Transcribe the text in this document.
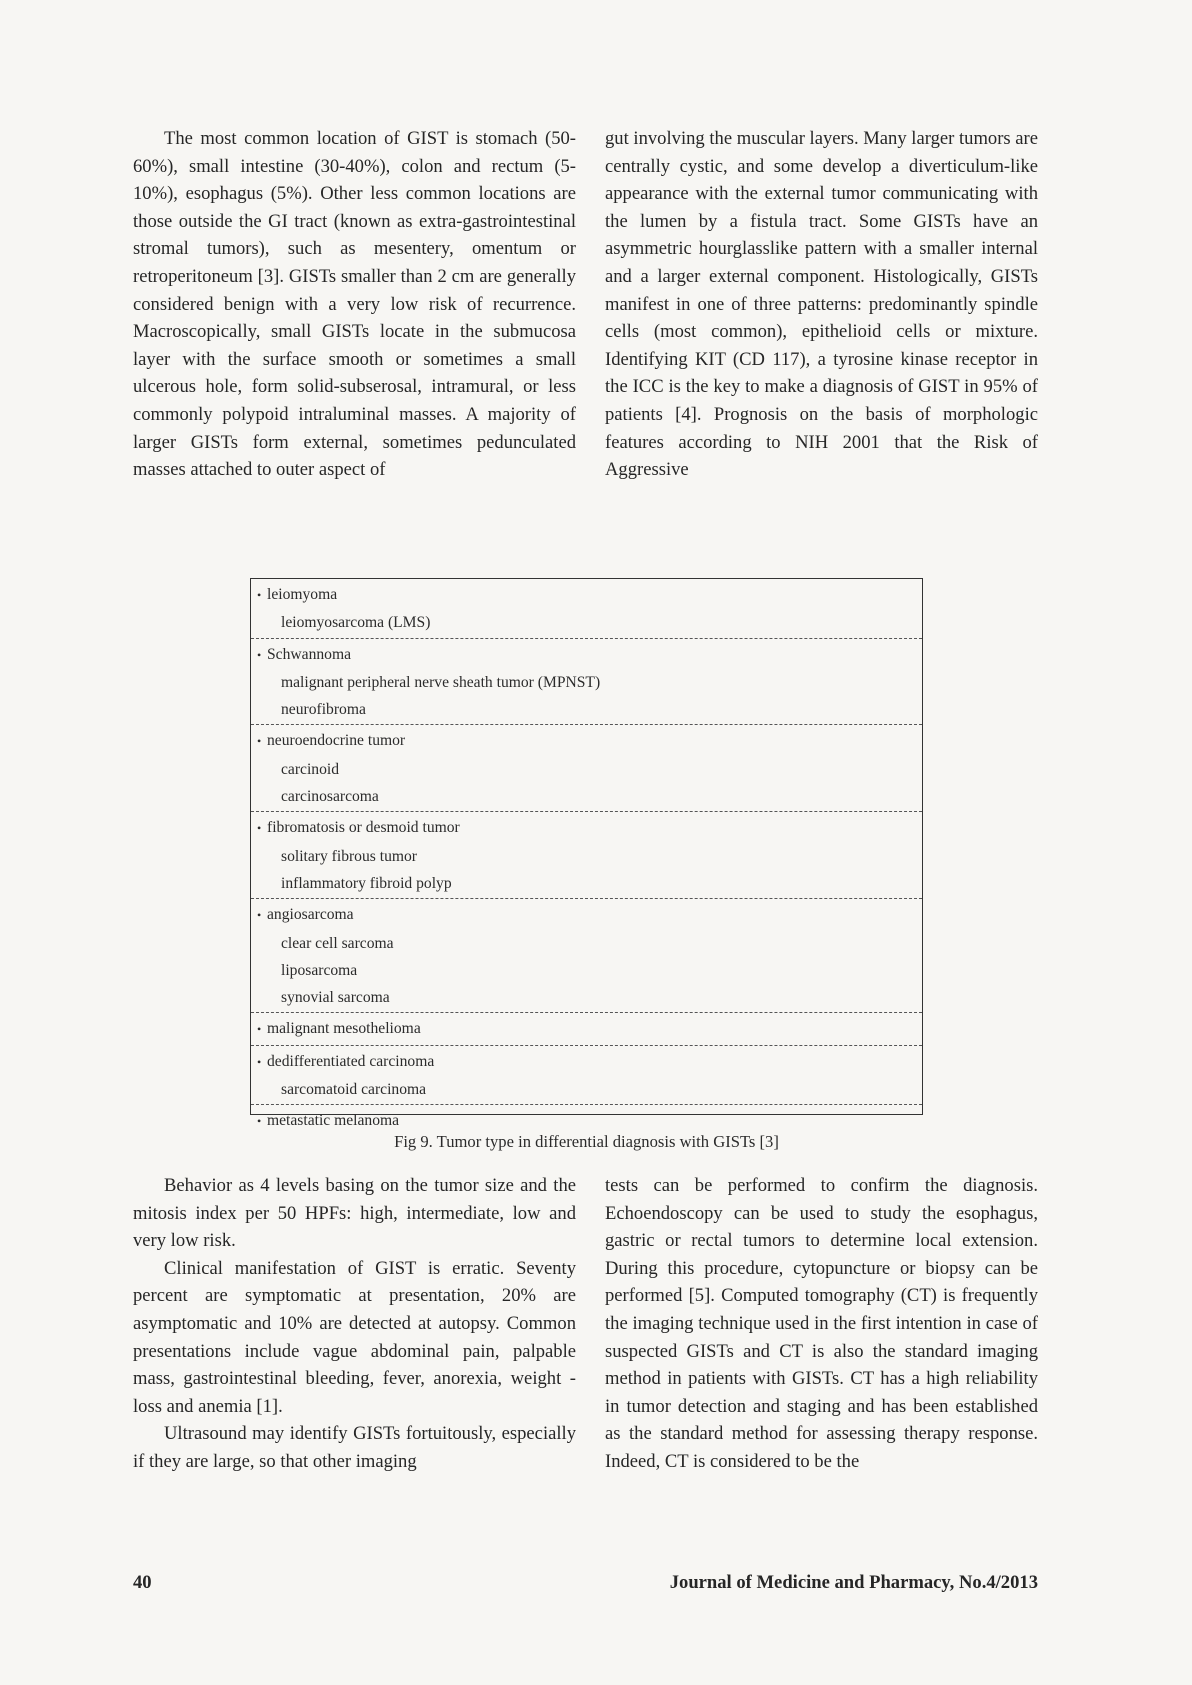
The most common location of GIST is stomach (50- 60%), small intestine (30-40%), colon and rectum (5-10%), esophagus (5%). Other less common locations are those outside the GI tract (known as extra-gastrointestinal stromal tumors), such as mesentery, omentum or retroperitoneum [3]. GISTs smaller than 2 cm are generally considered benign with a very low risk of recurrence. Macroscopically, small GISTs locate in the submucosa layer with the surface smooth or sometimes a small ulcerous hole, form solid-subserosal, intramural, or less commonly polypoid intraluminal masses. A majority of larger GISTs form external, sometimes pedunculated masses attached to outer aspect of

gut involving the muscular layers. Many larger tumors are centrally cystic, and some develop a diverticulum-like appearance with the external tumor communicating with the lumen by a fistula tract. Some GISTs have an asymmetric hourglasslike pattern with a smaller internal and a larger external component. Histologically, GISTs manifest in one of three patterns: predominantly spindle cells (most common), epithelioid cells or mixture. Identifying KIT (CD 117), a tyrosine kinase receptor in the ICC is the key to make a diagnosis of GIST in 95% of patients [4]. Prognosis on the basis of morphologic features according to NIH 2001 that the Risk of Aggressive

• leiomyoma
leiomyosarcoma (LMS)
• Schwannoma
malignant peripheral nerve sheath tumor (MPNST)
neurofibroma
• neuroendocrine tumor
carcinoid
carcinosarcoma
• fibromatosis or desmoid tumor
solitary fibrous tumor
inflammatory fibroid polyp
• angiosarcoma
clear cell sarcoma
liposarcoma
synovial sarcoma
• malignant mesothelioma
• dedifferentiated carcinoma
sarcomatoid carcinoma
• metastatic melanoma
Fig 9. Tumor type in differential diagnosis with GISTs [3]

Behavior as 4 levels basing on the tumor size and the mitosis index per 50 HPFs: high, intermediate, low and very low risk.

Clinical manifestation of GIST is erratic. Seventy percent are symptomatic at presentation, 20% are asymptomatic and 10% are detected at autopsy. Common presentations include vague abdominal pain, palpable mass, gastrointestinal bleeding, fever, anorexia, weight -loss and anemia [1].

Ultrasound may identify GISTs fortuitously, especially if they are large, so that other imaging

tests can be performed to confirm the diagnosis. Echoendoscopy can be used to study the esophagus, gastric or rectal tumors to determine local extension. During this procedure, cytopuncture or biopsy can be performed [5]. Computed tomography (CT) is frequently the imaging technique used in the first intention in case of suspected GISTs and CT is also the standard imaging method in patients with GISTs. CT has a high reliability in tumor detection and staging and has been established as the standard method for assessing therapy response. Indeed, CT is considered to be the

40	Journal of Medicine and Pharmacy, No.4/2013
